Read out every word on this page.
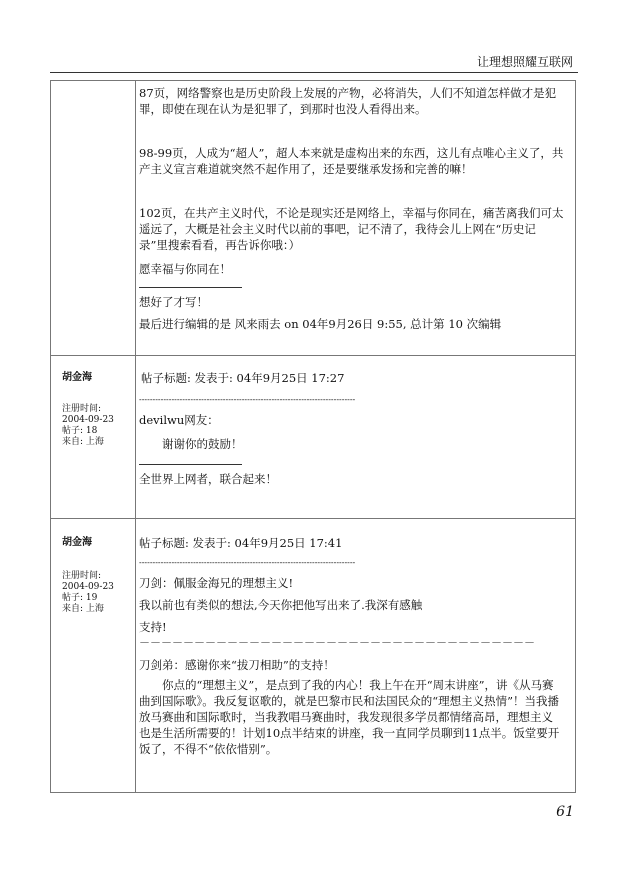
让理想照耀互联网

87页，网络警察也是历史阶段上发展的产物，必将消失，人们不知道怎样做才是犯罪，即使在现在认为是犯罪了，到那时也没人看得出来。

98-99页，人成为“超人”，超人本来就是虚构出来的东西，这儿有点唯心主义了，共产主义宣言难道就突然不起作用了，还是要继承发扬和完善的嘛！

102页，在共产主义时代，不论是现实还是网络上，幸福与你同在，痛苦离我们可太遥远了，大概是社会主义时代以前的事吧，记不清了，我待会儿上网在“历史记录”里搜索看看，再告诉你哦：）

愿幸福与你同在！

想好了才写！

最后进行编辑的是 风来雨去 on 04年9月26日 9:55, 总计第 10 次编辑

胡金海
注册时间:
2004-09-23
帖子: 18
来自: 上海

帖子标题: 发表于: 04年9月25日 17:27

--------------------------------------------------------------------------------

devilwu网友：

谢谢你的鼓励！

全世界上网者，联合起来！

胡金海
注册时间:
2004-09-23
帖子: 19
来自: 上海

帖子标题: 发表于: 04年9月25日 17:41

--------------------------------------------------------------------------------

刀剑：佩服金海兄的理想主义!

我以前也有类似的想法,今天你把他写出来了.我深有感触

支持!

－－－－－－－－－－－－－－－－－－－－－－－－－－－－－－－－－－－－

刀剑弟：感谢你来“拔刀相助”的支持！

你点的“理想主义”，是点到了我的内心！我上午在开“周末讲座”，讲《从马赛曲到国际歌》。我反复讴歌的，就是巴黎市民和法国民众的“理想主义热情”！当我播放马赛曲和国际歌时，当我教唱马赛曲时，我发现很多学员都情绪高昂，理想主义也是生活所需要的！计划10点半结束的讲座，我一直同学员聊到11点半。饭堂要开饭了，不得不“依依惜别”。

61
